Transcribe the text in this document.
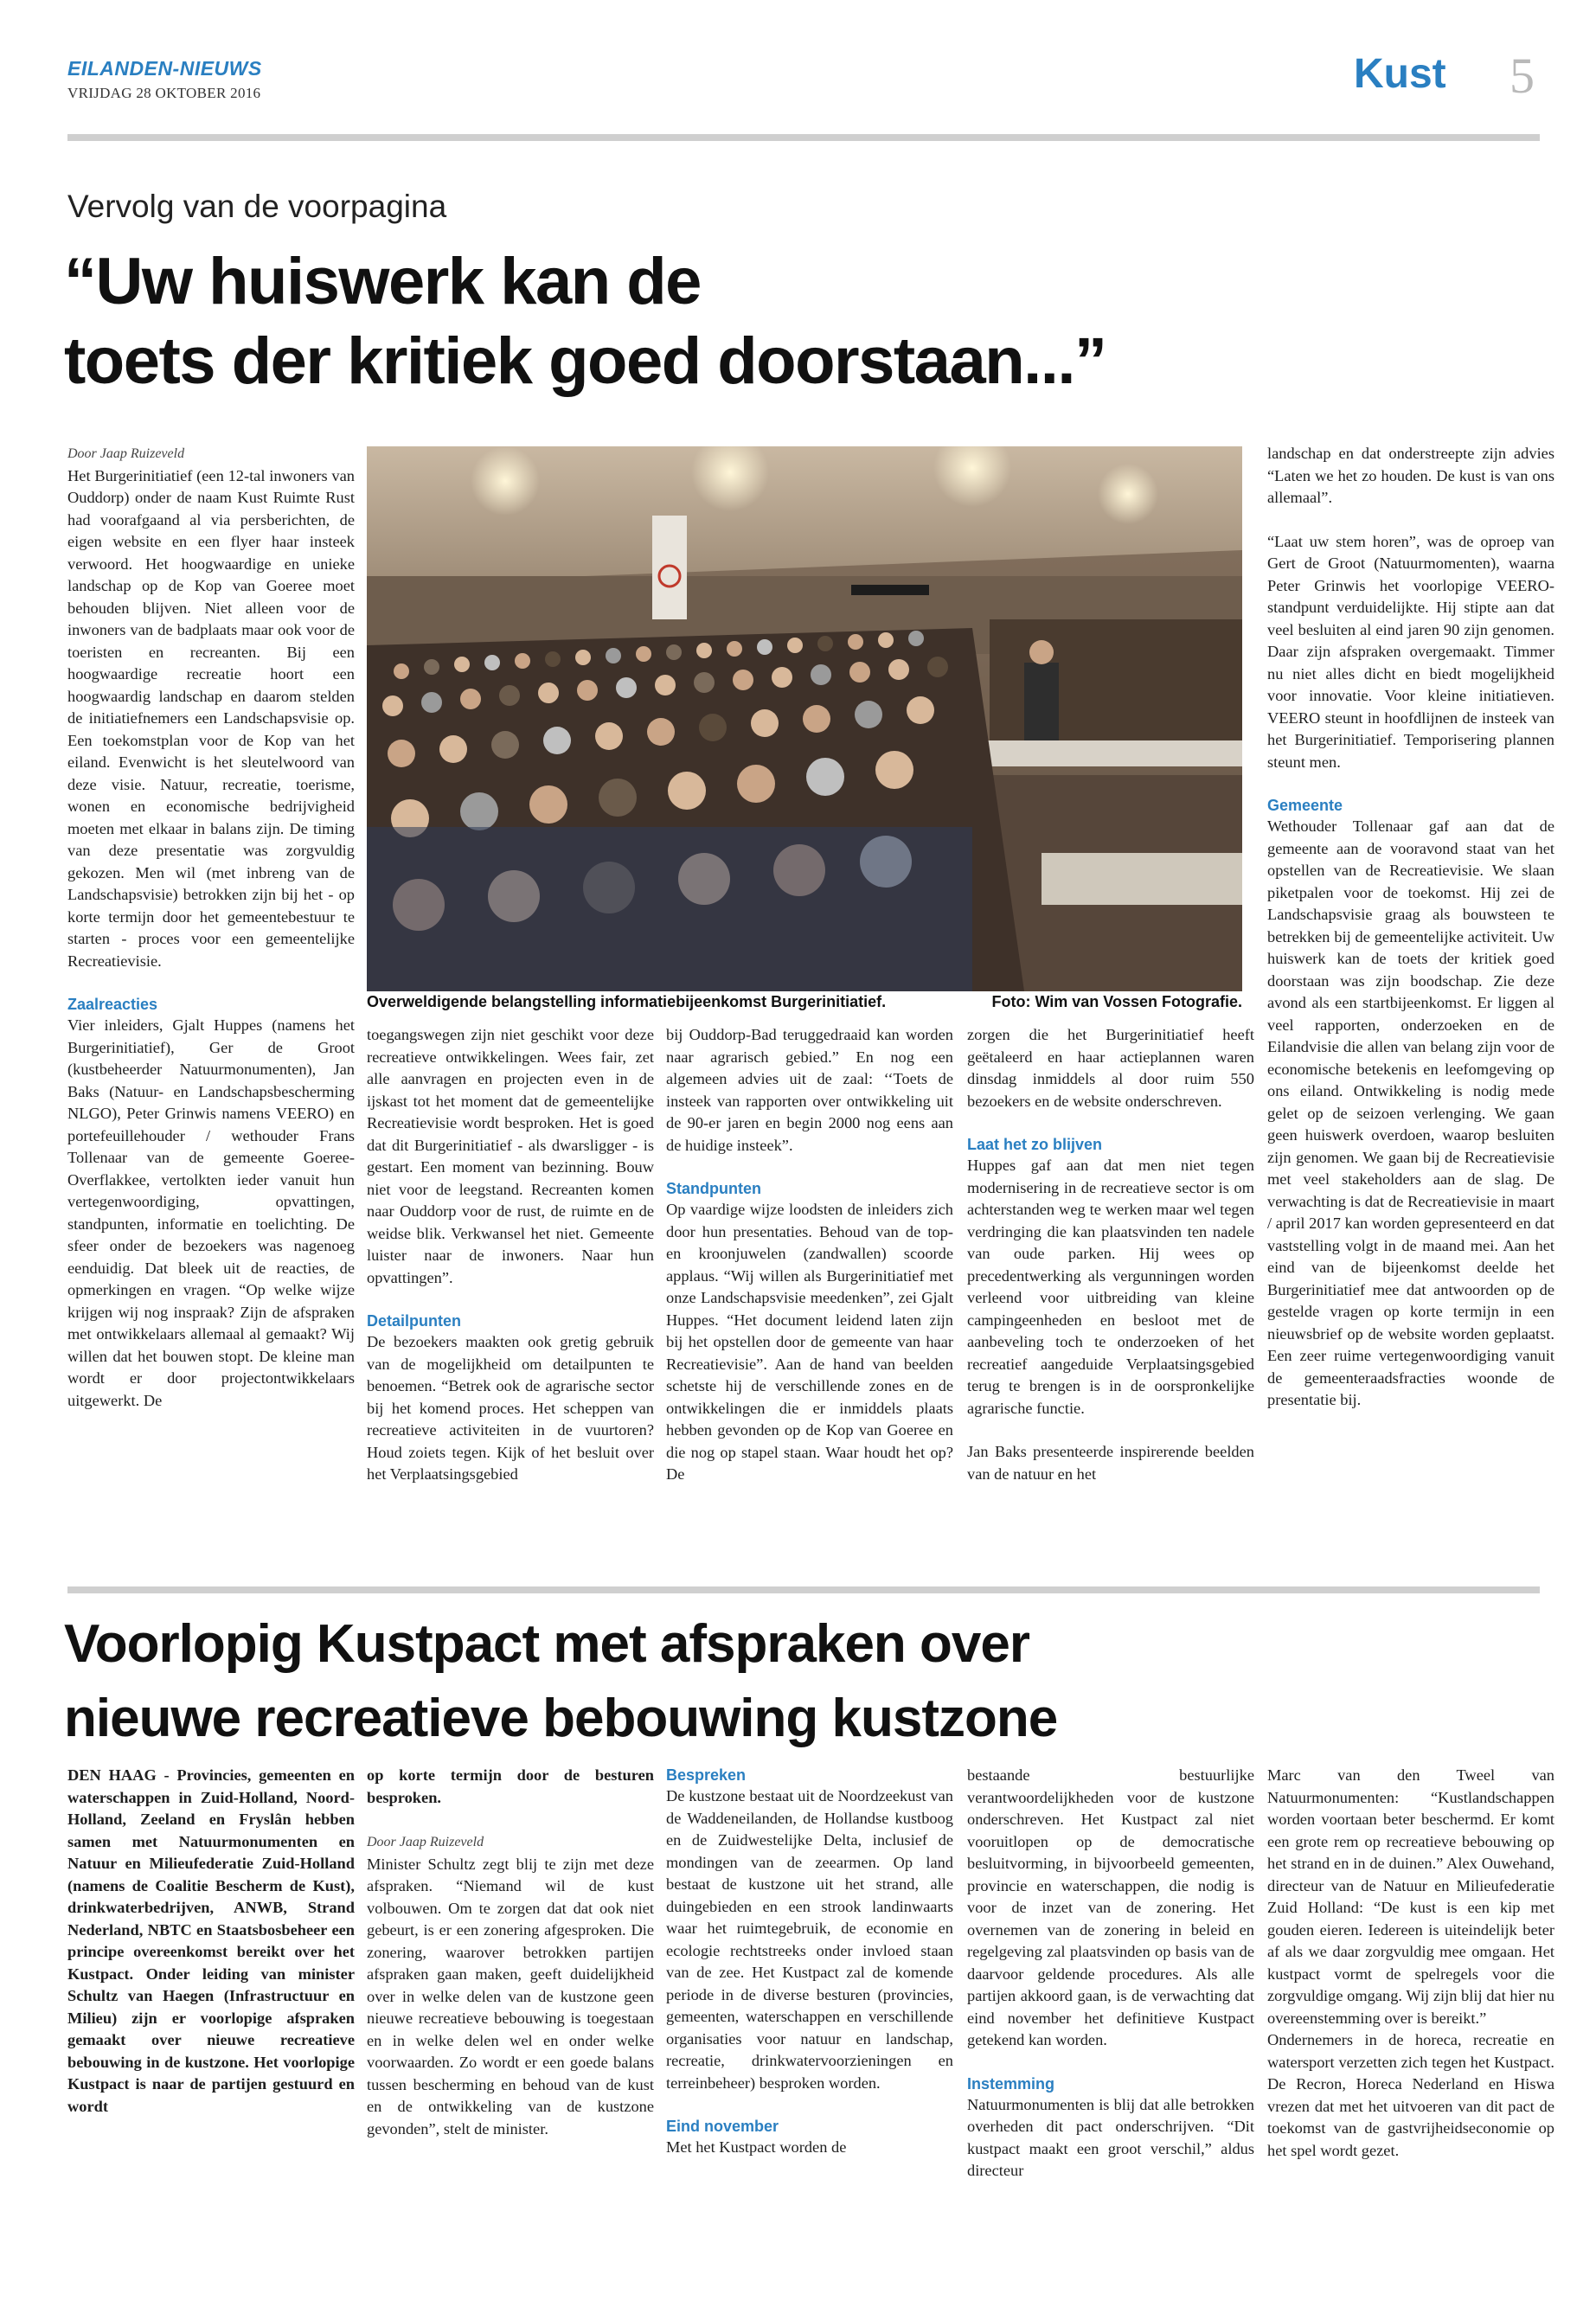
EILANDEN-NIEUWS
VRIJDAG 28 OKTOBER 2016	Kust 5
Vervolg van de voorpagina
“Uw huiswerk kan de
toets der kritiek goed doorstaan...”

Door Jaap Ruizeveld

Het Burgerinitiatief (een 12-tal inwoners van Ouddorp) onder de naam Kust Ruimte Rust had voorafgaand al via persberichten, de eigen website en een flyer haar insteek verwoord. Het hoogwaardige en unieke landschap op de Kop van Goeree moet behouden blijven. Niet alleen voor de inwoners van de badplaats maar ook voor de toeristen en recreanten. Bij een hoogwaardige recreatie hoort een hoogwaardig landschap en daarom stelden de initiatiefnemers een Landschapsvisie op. Een toekomstplan voor de Kop van het eiland. Evenwicht is het sleutelwoord van deze visie. Natuur, recreatie, toerisme, wonen en economische bedrijvigheid moeten met elkaar in balans zijn. De timing van deze presentatie was zorgvuldig gekozen. Men wil (met inbreng van de Landschapsvisie) betrokken zijn bij het - op korte termijn door het gemeentebestuur te starten - proces voor een gemeentelijke Recreatievisie.

Zaalreacties

Vier inleiders, Gjalt Huppes (namens het Burgerinitiatief), Ger de Groot (kustbeheerder Natuurmonumenten), Jan Baks (Natuur- en Landschapsbescherming NLGO), Peter Grinwis namens VEERO) en portefeuillehouder / wethouder Frans Tollenaar van de gemeente Goeree-Overflakkee, vertolkten ieder vanuit hun vertegenwoordiging, opvattingen, standpunten, informatie en toelichting. De sfeer onder de bezoekers was nagenoeg eenduidig. Dat bleek uit de reacties, de opmerkingen en vragen. “Op welke wijze krijgen wij nog inspraak? Zijn de afspraken met ontwikkelaars allemaal al gemaakt? Wij willen dat het bouwen stopt. De kleine man wordt er door projectontwikkelaars uitgewerkt. De

Overweldigende belangstelling informatiebijeenkomst Burgerinitiatief.	Foto: Wim van Vossen Fotografie.

toegangswegen zijn niet geschikt voor deze recreatieve ontwikkelingen. Wees fair, zet alle aanvragen en projecten even in de ijskast tot het moment dat de gemeentelijke Recreatievisie wordt besproken. Het is goed dat dit Burgerinitiatief - als dwarsligger - is gestart. Een moment van bezinning. Bouw niet voor de leegstand. Recreanten komen naar Ouddorp voor de rust, de ruimte en de weidse blik. Verkwansel het niet. Gemeente luister naar de inwoners. Naar hun opvattingen”.

Detailpunten

De bezoekers maakten ook gretig gebruik van de mogelijkheid om detailpunten te benoemen. “Betrek ook de agrarische sector bij het komend proces. Het scheppen van recreatieve activiteiten in de vuurtoren? Houd zoiets tegen. Kijk of het besluit over het Verplaatsingsgebied

bij Ouddorp-Bad teruggedraaid kan worden naar agrarisch gebied.” En nog een algemeen advies uit de zaal: ‘‘Toets de insteek van rapporten over ontwikkeling uit de 90-er jaren en begin 2000 nog eens aan de huidige insteek”.

Standpunten

Op vaardige wijze loodsten de inleiders zich door hun presentaties. Behoud van de top- en kroonjuwelen (zandwallen) scoorde applaus. “Wij willen als Burgerinitiatief met onze Landschapsvisie meedenken”, zei Gjalt Huppes. “Het document leidend laten zijn bij het opstellen door de gemeente van haar Recreatievisie”. Aan de hand van beelden schetste hij de verschillende zones en de ontwikkelingen die er inmiddels plaats hebben gevonden op de Kop van Goeree en die nog op stapel staan. Waar houdt het op? De

zorgen die het Burgerinitiatief heeft geëtaleerd en haar actieplannen waren dinsdag inmiddels al door ruim 550 bezoekers en de website onderschreven.

Laat het zo blijven

Huppes gaf aan dat men niet tegen modernisering in de recreatieve sector is om achterstanden weg te werken maar wel tegen verdringing die kan plaatsvinden ten nadele van oude parken. Hij wees op precedentwerking als vergunningen worden verleend voor uitbreiding van kleine campingeenheden en besloot met de aanbeveling toch te onderzoeken of het recreatief aangeduide Verplaatsingsgebied terug te brengen is in de oorspronkelijke agrarische functie.

Jan Baks presenteerde inspirerende beelden van de natuur en het

landschap en dat onderstreepte zijn advies “Laten we het zo houden. De kust is van ons allemaal”.

“Laat uw stem horen”, was de oproep van Gert de Groot (Natuurmomenten), waarna Peter Grinwis het voorlopige VEERO-standpunt verduidelijkte. Hij stipte aan dat veel besluiten al eind jaren 90 zijn genomen. Daar zijn afspraken overgemaakt. Timmer nu niet alles dicht en biedt mogelijkheid voor innovatie. Voor kleine initiatieven. VEERO steunt in hoofdlijnen de insteek van het Burgerinitiatief. Temporisering plannen steunt men.

Gemeente

Wethouder Tollenaar gaf aan dat de gemeente aan de vooravond staat van het opstellen van de Recreatievisie. We slaan piketpalen voor de toekomst. Hij zei de Landschapsvisie graag als bouwsteen te betrekken bij de gemeentelijke activiteit. Uw huiswerk kan de toets der kritiek goed doorstaan was zijn boodschap. Zie deze avond als een startbijeenkomst. Er liggen al veel rapporten, onderzoeken en de Eilandvisie die allen van belang zijn voor de economische betekenis en leefomgeving op ons eiland. Ontwikkeling is nodig mede gelet op de seizoen verlenging. We gaan geen huiswerk overdoen, waarop besluiten zijn genomen. We gaan bij de Recreatievisie met veel stakeholders aan de slag. De verwachting is dat de Recreatievisie in maart / april 2017 kan worden gepresenteerd en dat vaststelling volgt in de maand mei. Aan het eind van de bijeenkomst deelde het Burgerinitiatief mee dat antwoorden op de gestelde vragen op korte termijn in een nieuwsbrief op de website worden geplaatst. Een zeer ruime vertegenwoordiging vanuit de gemeenteraadsfracties woonde de presentatie bij.

Voorlopig Kustpact met afspraken over
nieuwe recreatieve bebouwing kustzone

DEN HAAG - Provincies, gemeenten en waterschappen in Zuid-Holland, Noord-Holland, Zeeland en Fryslân hebben samen met Natuurmonumenten en Natuur en Milieufederatie Zuid-Holland (namens de Coalitie Bescherm de Kust), drinkwaterbedrijven, ANWB, Strand Nederland, NBTC en Staatsbosbeheer een principe overeenkomst bereikt over het Kustpact. Onder leiding van minister Schultz van Haegen (Infrastructuur en Milieu) zijn er voorlopige afspraken gemaakt over nieuwe recreatieve bebouwing in de kustzone. Het voorlopige Kustpact is naar de partijen gestuurd en wordt

op korte termijn door de besturen besproken.

Door Jaap Ruizeveld

Minister Schultz zegt blij te zijn met deze afspraken. “Niemand wil de kust volbouwen. Om te zorgen dat dat ook niet gebeurt, is er een zonering afgesproken. Die zonering, waarover betrokken partijen afspraken gaan maken, geeft duidelijkheid over in welke delen van de kustzone geen nieuwe recreatieve bebouwing is toegestaan en in welke delen wel en onder welke voorwaarden. Zo wordt er een goede balans tussen bescherming en behoud van de kust en de ontwikkeling van de kustzone gevonden”, stelt de minister.

Bespreken

De kustzone bestaat uit de Noordzeekust van de Waddeneilanden, de Hollandse kustboog en de Zuidwestelijke Delta, inclusief de mondingen van de zeearmen. Op land bestaat de kustzone uit het strand, alle duingebieden en een strook landinwaarts waar het ruimtegebruik, de economie en ecologie rechtstreeks onder invloed staan van de zee. Het Kustpact zal de komende periode in de diverse besturen (provincies, gemeenten, waterschappen en verschillende organisaties voor natuur en landschap, recreatie, drinkwatervoorzieningen en terreinbeheer) besproken worden.

Eind november

Met het Kustpact worden de

bestaande bestuurlijke verantwoordelijkheden voor de kustzone onderschreven. Het Kustpact zal niet vooruitlopen op de democratische besluitvorming, in bijvoorbeeld gemeenten, provincie en waterschappen, die nodig is voor de inzet van de zonering. Het overnemen van de zonering in beleid en regelgeving zal plaatsvinden op basis van de daarvoor geldende procedures. Als alle partijen akkoord gaan, is de verwachting dat eind november het definitieve Kustpact getekend kan worden.

Instemming

Natuurmonumenten is blij dat alle betrokken overheden dit pact onderschrijven. “Dit kustpact maakt een groot verschil,” aldus directeur

Marc van den Tweel van Natuurmonumenten: “Kustlandschappen worden voortaan beter beschermd. Er komt een grote rem op recreatieve bebouwing op het strand en in de duinen.” Alex Ouwehand, directeur van de Natuur en Milieufederatie Zuid Holland: “De kust is een kip met gouden eieren. Iedereen is uiteindelijk beter af als we daar zorgvuldig mee omgaan. Het kustpact vormt de spelregels voor die zorgvuldige omgang. Wij zijn blij dat hier nu overeenstemming over is bereikt.”

Ondernemers in de horeca, recreatie en watersport verzetten zich tegen het Kustpact. De Recron, Horeca Nederland en Hiswa vrezen dat met het uitvoeren van dit pact de toekomst van de gastvrijheidseconomie op het spel wordt gezet.
